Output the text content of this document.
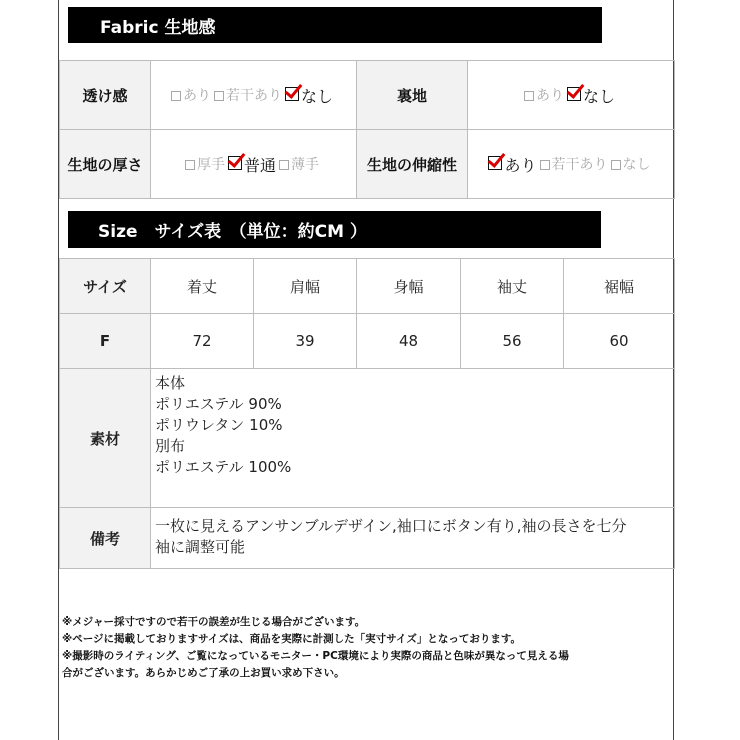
Fabric 生地感
透け感	あり 若干あり なし	裏地	あり なし

生地の厚さ	厚手 普通 薄手	生地の伸縮性	あり 若干あり なし
Size　サイズ表　（単位：約CM ）
サイズ	着丈	肩幅	身幅	袖丈	裾幅
F	72	39	48	56	60
素材	本体
ポリエステル 90%
ポリウレタン 10%
別布
ポリエステル 100%				

備考	一枚に見えるアンサンブルデザイン,袖口にボタン有り,袖の長さを七分
袖に調整可能				
※メジャー採寸ですので若干の誤差が生じる場合がございます。
※ページに掲載しておりますサイズは、商品を実際に計測した「実寸サイズ」となっております。
※撮影時のライティング、ご覧になっているモニター・PC環境により実際の商品と色味が異なって見える場
合がございます。あらかじめご了承の上お買い求め下さい。
